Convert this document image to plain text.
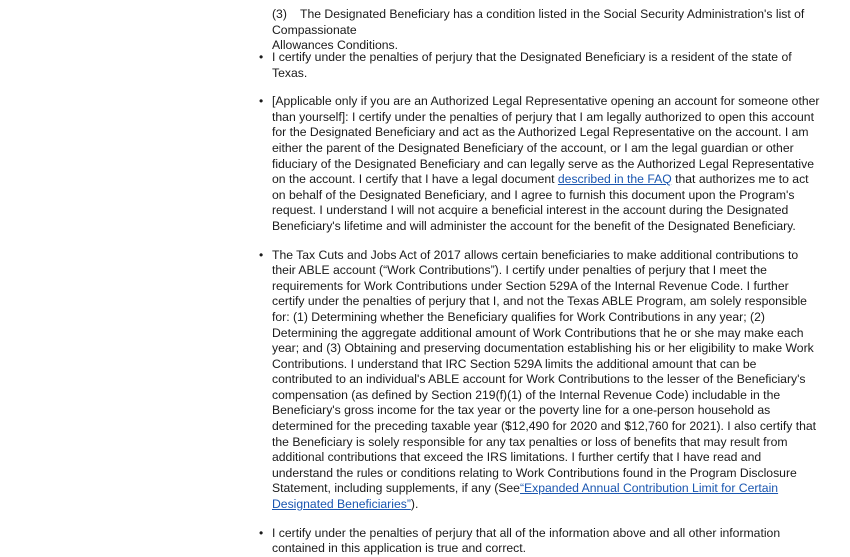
(3) The Designated Beneficiary has a condition listed in the Social Security Administration's list of Compassionate
Allowances Conditions.

• I certify under the penalties of perjury that the Designated Beneficiary is a resident of the state of Texas.
• [Applicable only if you are an Authorized Legal Representative opening an account for someone other than yourself]: I certify under the penalties of perjury that I am legally authorized to open this account for the Designated Beneficiary and act as the Authorized Legal Representative on the account. I am either the parent of the Designated Beneficiary of the account, or I am the legal guardian or other fiduciary of the Designated Beneficiary and can legally serve as the Authorized Legal Representative on the account. I certify that I have a legal document described in the FAQ that authorizes me to act on behalf of the Designated Beneficiary, and I agree to furnish this document upon the Program's request. I understand I will not acquire a beneficial interest in the account during the Designated Beneficiary's lifetime and will administer the account for the benefit of the Designated Beneficiary.
• The Tax Cuts and Jobs Act of 2017 allows certain beneficiaries to make additional contributions to their ABLE account (“Work Contributions”). I certify under penalties of perjury that I meet the requirements for Work Contributions under Section 529A of the Internal Revenue Code. I further certify under the penalties of perjury that I, and not the Texas ABLE Program, am solely responsible for: (1) Determining whether the Beneficiary qualifies for Work Contributions in any year; (2) Determining the aggregate additional amount of Work Contributions that he or she may make each year; and (3) Obtaining and preserving documentation establishing his or her eligibility to make Work Contributions. I understand that IRC Section 529A limits the additional amount that can be contributed to an individual's ABLE account for Work Contributions to the lesser of the Beneficiary's compensation (as defined by Section 219(f)(1) of the Internal Revenue Code) includable in the Beneficiary's gross income for the tax year or the poverty line for a one-person household as determined for the preceding taxable year ($12,490 for 2020 and $12,760 for 2021). I also certify that the Beneficiary is solely responsible for any tax penalties or loss of benefits that may result from additional contributions that exceed the IRS limitations. I further certify that I have read and understand the rules or conditions relating to Work Contributions found in the Program Disclosure Statement, including supplements, if any (See“Expanded Annual Contribution Limit for Certain Designated Beneficiaries”).
• I certify under the penalties of perjury that all of the information above and all other information contained in this application is true and correct.
